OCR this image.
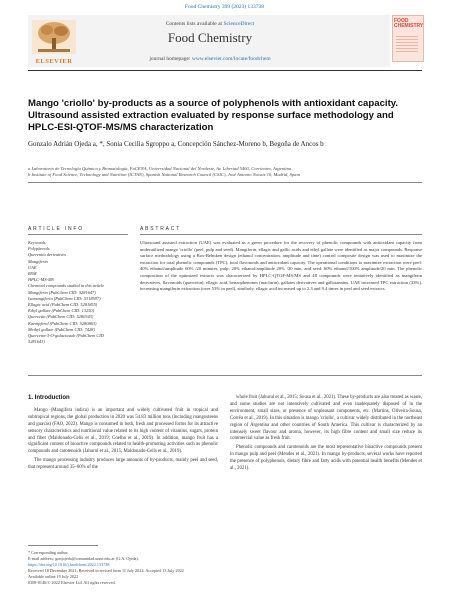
Food Chemistry 399 (2023) 133738
ELSEVIER
Contents lists available at ScienceDirect
Food Chemistry
journal homepage: www.elsevier.com/locate/foodchem
FOOD CHEMISTRY
Mango 'criollo' by-products as a source of polyphenols with antioxidant capacity. Ultrasound assisted extraction evaluated by response surface methodology and HPLC-ESI-QTOF-MS/MS characterization
Gonzalo Adrián Ojeda a, *, Sonia Cecilia Sgroppo a, Concepción Sánchez-Moreno b, Begoña de Ancos b
a Laboratorio de Tecnología Química y Bromatología, FaCENA, Universidad Nacional del Nordeste, Av. Libertad 5460, Corrientes, Argentina
b Institute of Food Science, Technology and Nutrition (ICTAN), Spanish National Research Council (CSIC), José Antonio Novais 10, Madrid, Spain
ARTICLE INFO	ABSTRACT
Keywords:
Polyphenols
Querentia derivatives
Mangiferin
UAE
RSM
HPLC-MS-MS
Chemical compounds studied in this article
Mangiferin (PubChem CID: 5281647)
Isomangiferin (PubChem CID: 5318597)
Ellagic acid (PubChem CID: 5281855)
Ethyl gallate (PubChem CID: 13250)
Quercetin (PubChem CID: 5280343)
Kaempferol (PubChem CID: 5280863)
Methyl gallate (PubChem CID: 7428)
Quercetin-3-O-galactoside (PubChem CID
5281643)
Ultrasound assisted extraction (UAE) was evaluated as a green procedure for the recovery of phenolic compounds with antioxidant capacity from underutilized mango 'criollo' (peel, pulp and seed). Mangiferin, ellagic and gallic acids and ethyl gallate were identified as major compounds. Response surface methodology using a Box-Behnken design (ethanol concentration, amplitude and time) control composite design was used to maximize the extraction for total phenolic compounds (TPC), total flavonoids and antioxidant capacity. The operational conditions to maximize extraction were peel: 40% ethanol/amplitude 60% /20 minutes, pulp: 20% ethanol/amplitude 20% /20 min, and seed: 60% ethanol/100% amplitude/20 min. The phenolic composition of the optimized extracts was characterized by HPLC-QTOF-MS/MS and 48 compounds were tentatively identified as mangiferin derivatives, flavonoids (quercetin), ellagic acid, benzophenones (maclurin), gallates derivatives and gallotannins. UAE increased TPC extraction (33%), increasing mangiferin extraction (over 53% in peel), similarly, ellagic acid increased up to 2.3 and 9.4 times in peel and seed extracts.
1. Introduction

Mango (Mangifera indica) is an important and widely cultivated fruit in tropical and subtropical regions, the global production in 2020 was 54.83 million tons (including mangosteens and guavas) (FAO, 2022). Mango is consumed in both, fresh and processed forms for its attractive sensory characteristics and nutritional value related to its high content of vitamins, sugars, protein and fiber (Maldonado-Celis et al., 2019; Coelho et al., 2019). In addition, mango fruit has a significant content of bioactive compounds related to health-promoting activities such as phenolic compounds and carotenoids (Jahurul et al., 2015; Maldonado-Celis et al., 2019).

The mango processing industry produces large amounts of by-products, mainly peel and seed, that represent around 35–60% of the

whole fruit (Jahurul et al., 2015; Sousa et al., 2021). These by-products are also treated as waste, and some studies are not intensively cultivated and even inadequately disposed of in the environment, small sizes, or presence of unpleasant components, etc. (Martins, Oliveira-Sousa, Corrêa et al., 2019). In this situation is mango 'criollo', a cultivar widely distributed in the northeast region of Argentina and other countries of South America. This cultivar is characterized by an intensely sweet flavour and aroma, however, its high fibre content and small size reduce its commercial value as fresh fruit.

Phenolic compounds and carotenoids are the most representative bioactive compounds present in mango pulp and peel (Mendes et al., 2021). In mango by-products, several works have reported the presence of polyphenols, dietary fibre and fatty acids with potential health benefits (Mendes et al., 2021).

* Corresponding author.
E-mail address: gonjojeda@comunidad.unne.edu.ar (G.A. Ojeda).
https://doi.org/10.1016/j.foodchem.2022.133738
Received 18 December 2021; Received in revised form 11 July 2022; Accepted 13 July 2022
Available online 19 July 2022
0308-8146/© 2022 Elsevier Ltd. All rights reserved.
